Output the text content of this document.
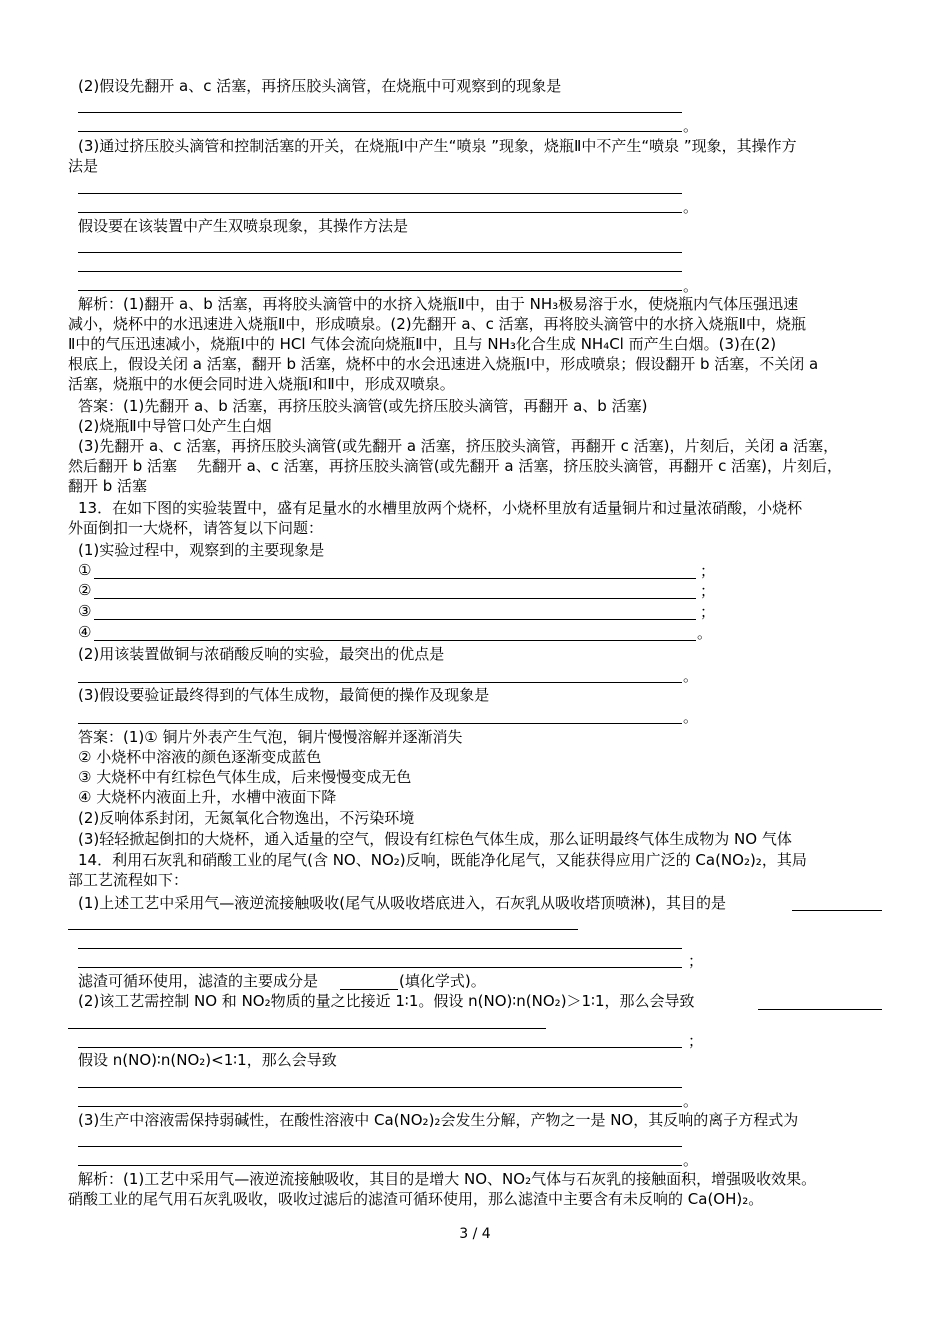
(2)假设先翻开 a、c 活塞，再挤压胶头滴管，在烧瓶中可观察到的现象是
。
(3)通过挤压胶头滴管和控制活塞的开关，在烧瓶Ⅰ中产生“喷泉 ”现象，烧瓶Ⅱ中不产生“喷泉 ”现象，其操作方
法是
。
假设要在该装置中产生双喷泉现象，其操作方法是
。
解析：(1)翻开 a、b 活塞，再将胶头滴管中的水挤入烧瓶Ⅱ中，由于 NH₃极易溶于水，使烧瓶内气体压强迅速
减小，烧杯中的水迅速进入烧瓶Ⅱ中，形成喷泉。(2)先翻开 a、c 活塞，再将胶头滴管中的水挤入烧瓶Ⅱ中，烧瓶
Ⅱ中的气压迅速减小，烧瓶Ⅰ中的 HCl 气体会流向烧瓶Ⅱ中，且与 NH₃化合生成 NH₄Cl 而产生白烟。(3)在(2)
根底上，假设关闭 a 活塞，翻开 b 活塞，烧杯中的水会迅速进入烧瓶Ⅰ中，形成喷泉；假设翻开 b 活塞，不关闭 a
活塞，烧瓶中的水便会同时进入烧瓶Ⅰ和Ⅱ中，形成双喷泉。
答案：(1)先翻开 a、b 活塞，再挤压胶头滴管(或先挤压胶头滴管，再翻开 a、b 活塞)
(2)烧瓶Ⅱ中导管口处产生白烟
(3)先翻开 a、c 活塞，再挤压胶头滴管(或先翻开 a 活塞，挤压胶头滴管，再翻开 c 活塞)，片刻后，关闭 a 活塞，
然后翻开 b 活塞　 先翻开 a、c 活塞，再挤压胶头滴管(或先翻开 a 活塞，挤压胶头滴管，再翻开 c 活塞)，片刻后，
翻开 b 活塞
13．在如下图的实验装置中，盛有足量水的水槽里放两个烧杯，小烧杯里放有适量铜片和过量浓硝酸，小烧杯
外面倒扣一大烧杯，请答复以下问题：
(1)实验过程中，观察到的主要现象是
①	；
②	；
③	；
④	。
(2)用该装置做铜与浓硝酸反响的实验，最突出的优点是
。
(3)假设要验证最终得到的气体生成物，最简便的操作及现象是
。
答案：(1)① 铜片外表产生气泡，铜片慢慢溶解并逐渐消失
② 小烧杯中溶液的颜色逐渐变成蓝色
③ 大烧杯中有红棕色气体生成，后来慢慢变成无色
④ 大烧杯内液面上升，水槽中液面下降
(2)反响体系封闭，无氮氧化合物逸出，不污染环境
(3)轻轻掀起倒扣的大烧杯，通入适量的空气，假设有红棕色气体生成，那么证明最终气体生成物为 NO 气体
14．利用石灰乳和硝酸工业的尾气(含 NO、NO₂)反响，既能净化尾气，又能获得应用广泛的 Ca(NO₂)₂，其局
部工艺流程如下：
(1)上述工艺中采用气—液逆流接触吸收(尾气从吸收塔底进入，石灰乳从吸收塔顶喷淋)，其目的是
；
滤渣可循环使用，滤渣的主要成分是	(填化学式)。
(2)该工艺需控制 NO 和 NO₂物质的量之比接近 1∶1。假设 n(NO)∶n(NO₂)＞1∶1，那么会导致
；
假设 n(NO)∶n(NO₂)<1∶1，那么会导致
。
(3)生产中溶液需保持弱碱性，在酸性溶液中 Ca(NO₂)₂会发生分解，产物之一是 NO，其反响的离子方程式为
。
解析：(1)工艺中采用气—液逆流接触吸收，其目的是增大 NO、NO₂气体与石灰乳的接触面积，增强吸收效果。
硝酸工业的尾气用石灰乳吸收，吸收过滤后的滤渣可循环使用，那么滤渣中主要含有未反响的 Ca(OH)₂。
3 / 4
